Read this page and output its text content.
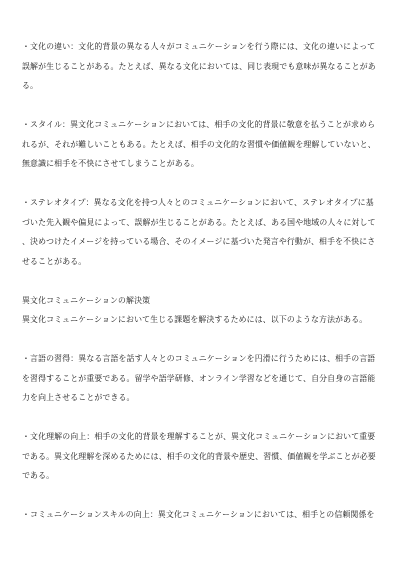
・文化の違い：文化的背景の異なる人々がコミュニケーションを行う際には、文化の違いによって
誤解が生じることがある。たとえば、異なる文化においては、同じ表現でも意味が異なることがあ
る。
・スタイル：異文化コミュニケーションにおいては、相手の文化的背景に敬意を払うことが求めら
れるが、それが難しいこともある。たとえば、相手の文化的な習慣や価値観を理解していないと、
無意識に相手を不快にさせてしまうことがある。
・ステレオタイプ：異なる文化を持つ人々とのコミュニケーションにおいて、ステレオタイプに基
づいた先入観や偏見によって、誤解が生じることがある。たとえば、ある国や地域の人々に対して
、決めつけたイメージを持っている場合、そのイメージに基づいた発言や行動が、相手を不快にさ
せることがある。
異文化コミュニケーションの解決策
異文化コミュニケーションにおいて生じる課題を解決するためには、以下のような方法がある。
・言語の習得：異なる言語を話す人々とのコミュニケーションを円滑に行うためには、相手の言語
を習得することが重要である。留学や語学研修、オンライン学習などを通じて、自分自身の言語能
力を向上させることができる。
・文化理解の向上：相手の文化的背景を理解することが、異文化コミュニケーションにおいて重要
である。異文化理解を深めるためには、相手の文化的背景や歴史、習慣、価値観を学ぶことが必要
である。
・コミュニケーションスキルの向上：異文化コミュニケーションにおいては、相手との信頼関係を
